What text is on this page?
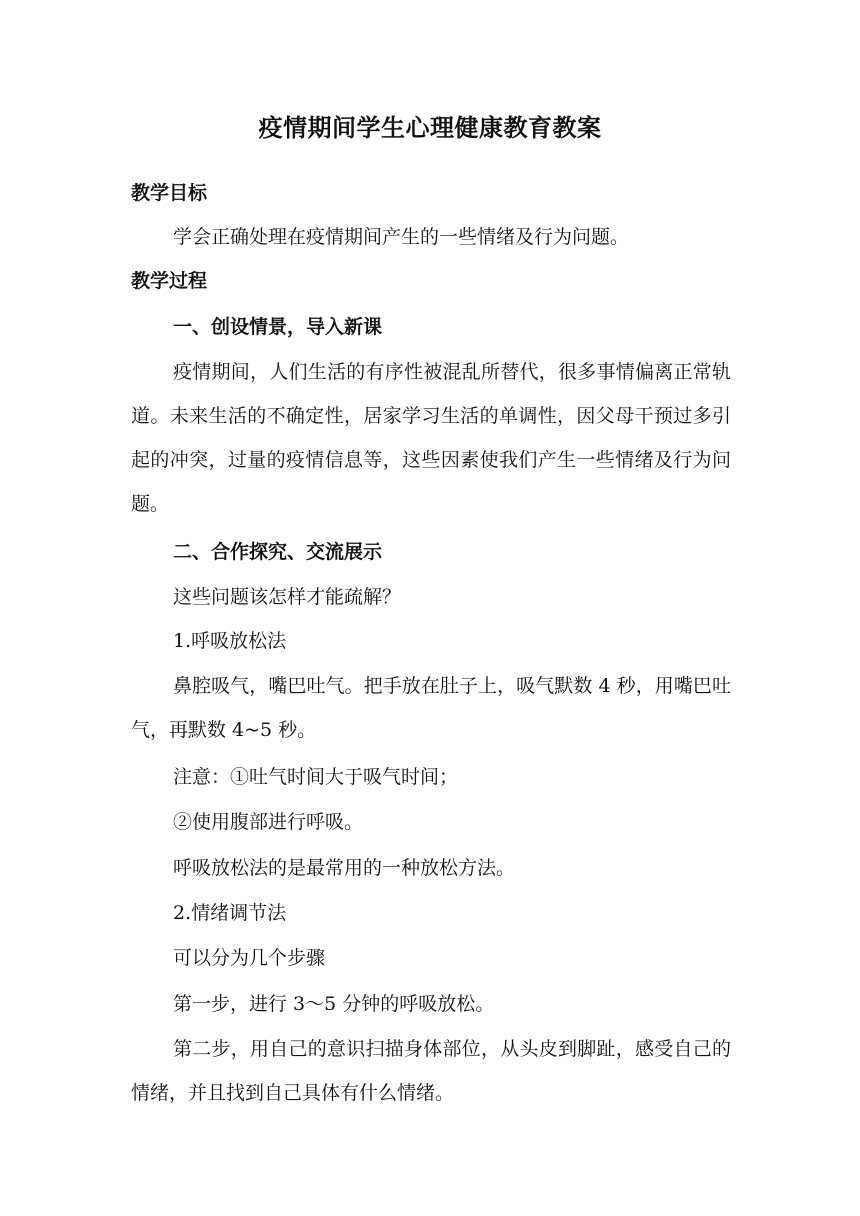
疫情期间学生心理健康教育教案
教学目标
学会正确处理在疫情期间产生的一些情绪及行为问题。
教学过程
一、创设情景，导入新课
疫情期间，人们生活的有序性被混乱所替代，很多事情偏离正常轨道。未来生活的不确定性，居家学习生活的单调性，因父母干预过多引起的冲突，过量的疫情信息等，这些因素使我们产生一些情绪及行为问题。
二、合作探究、交流展示
这些问题该怎样才能疏解？
1.呼吸放松法
鼻腔吸气，嘴巴吐气。把手放在肚子上，吸气默数 4 秒，用嘴巴吐气，再默数 4~5 秒。
注意：①吐气时间大于吸气时间；
②使用腹部进行呼吸。
呼吸放松法的是最常用的一种放松方法。
2.情绪调节法
可以分为几个步骤
第一步，进行 3～5 分钟的呼吸放松。
第二步，用自己的意识扫描身体部位，从头皮到脚趾，感受自己的情绪，并且找到自己具体有什么情绪。
